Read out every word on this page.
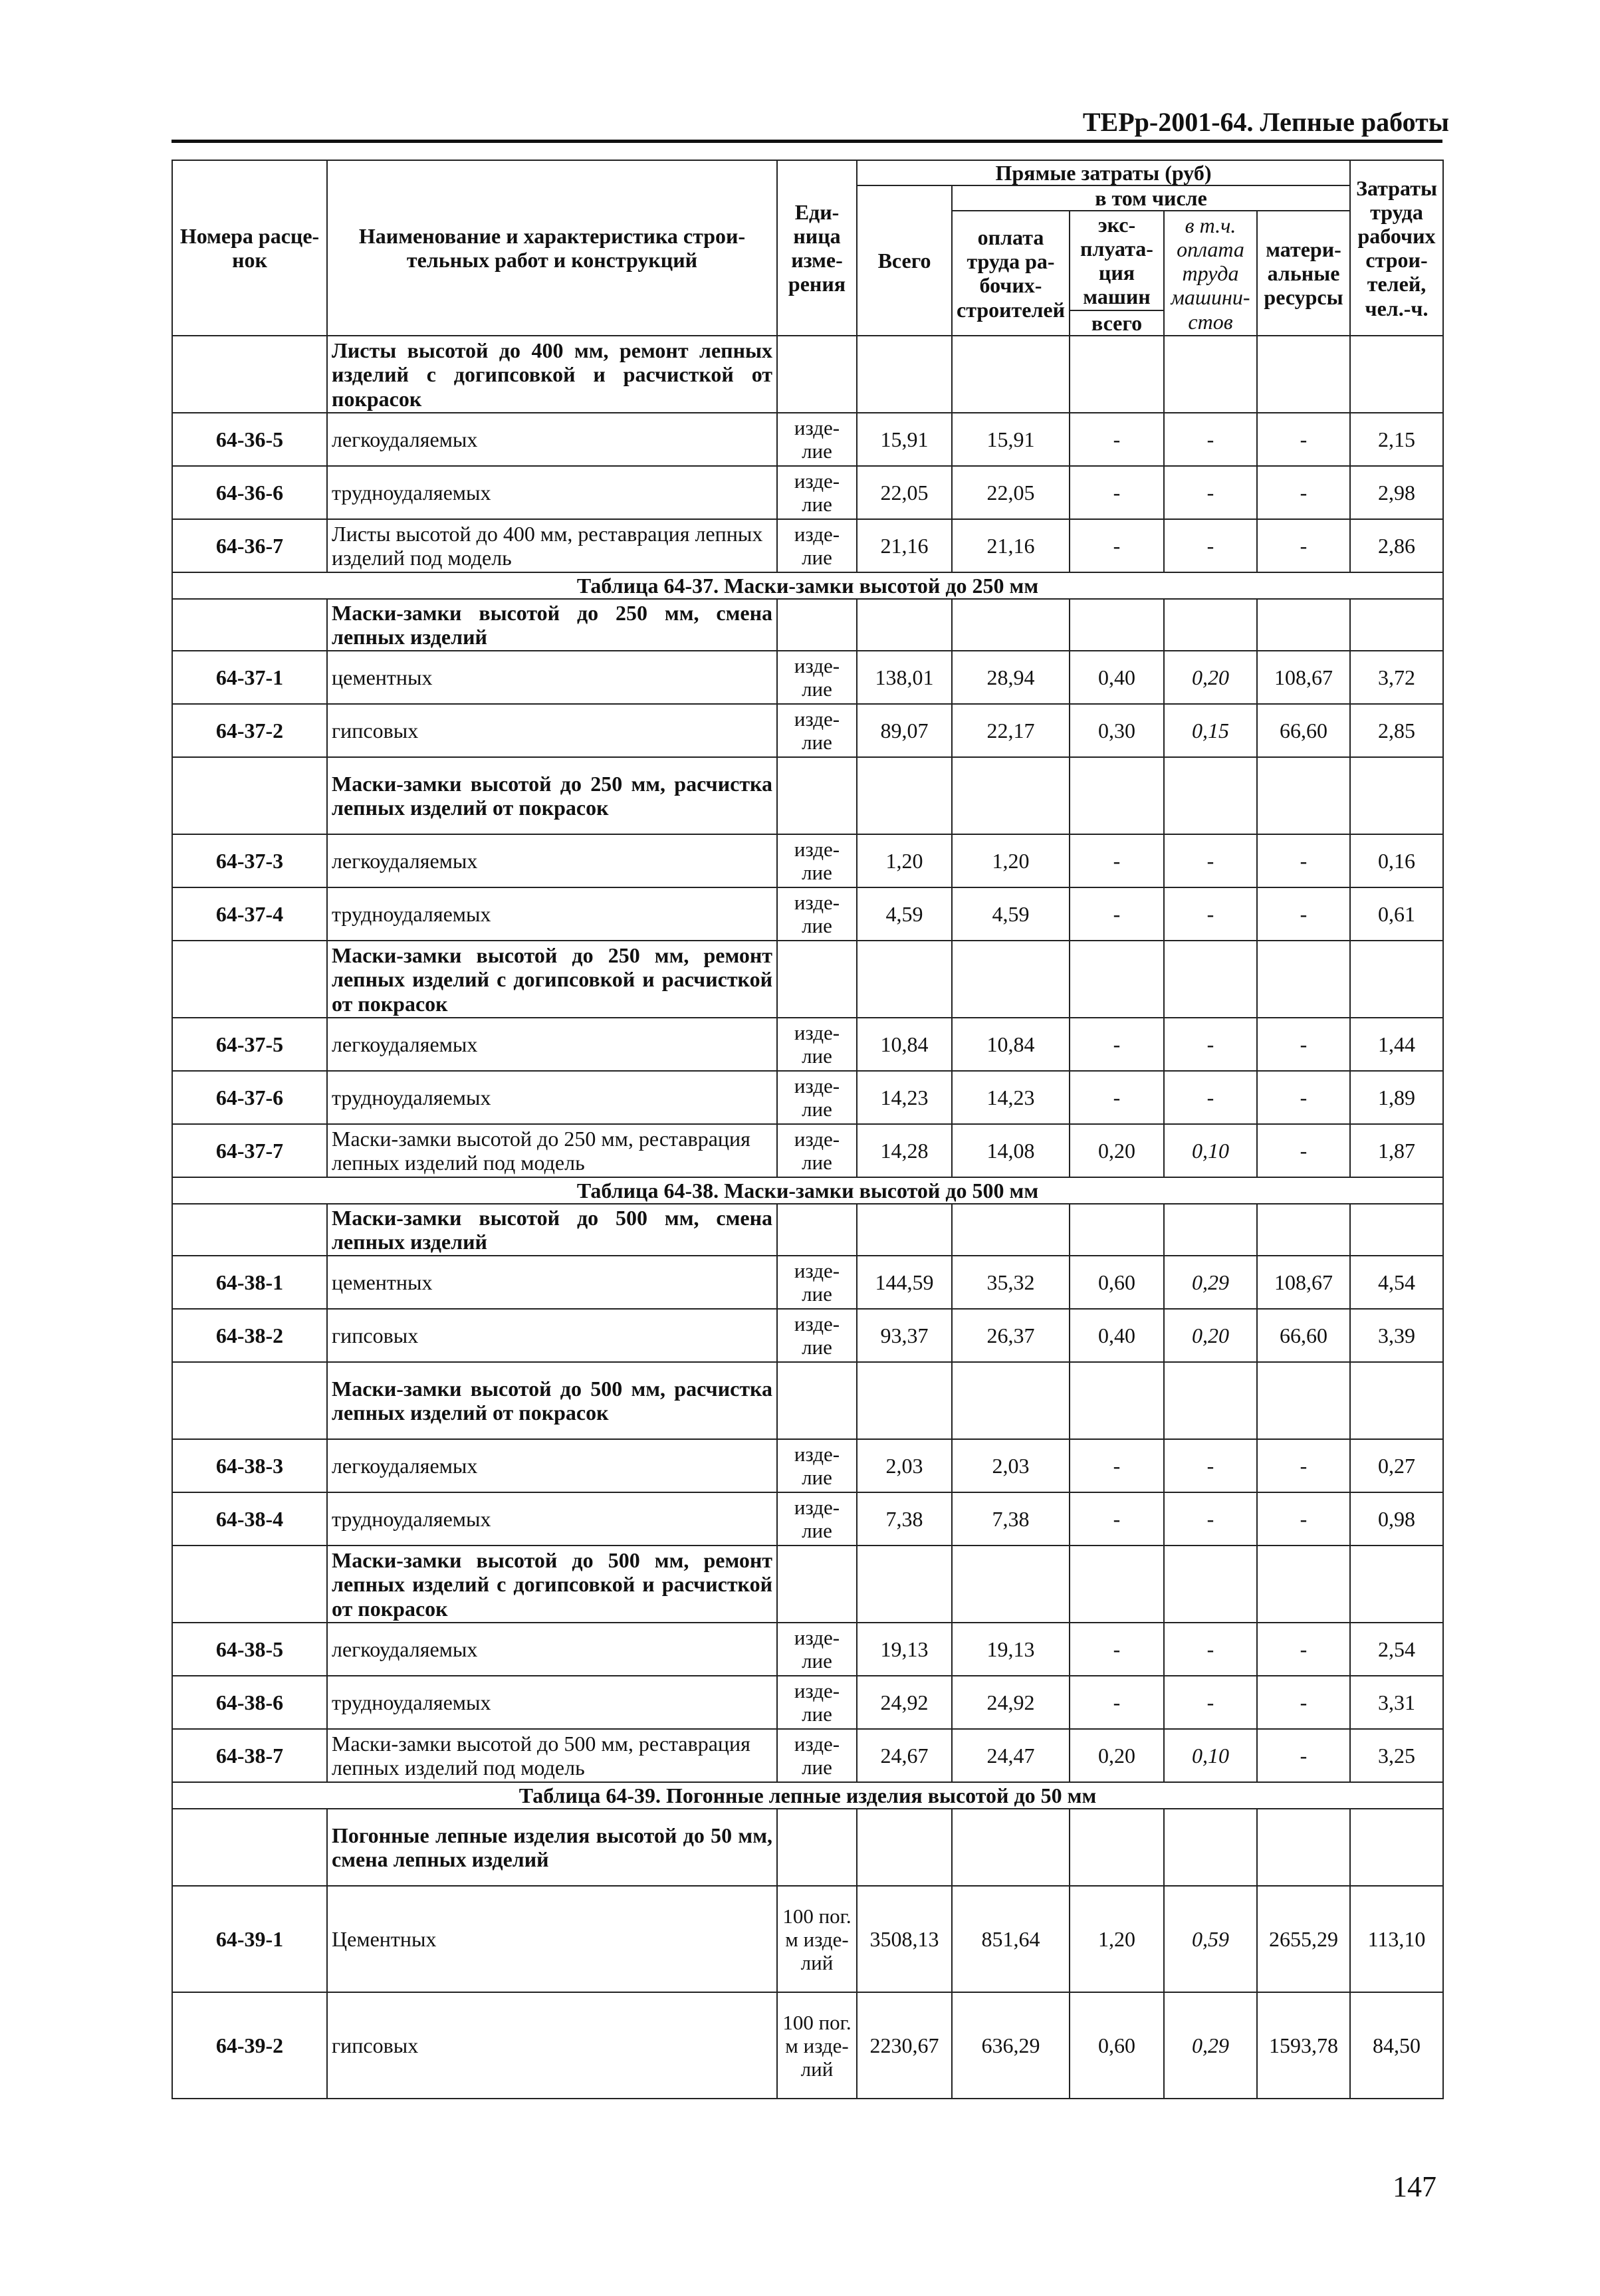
ТЕРр-2001-64. Лепные работы
Номера расце-нок	Наименование и характеристика строи-тельных работ и конструкций	Еди-ница изме-рения	Прямые затраты (руб)					Затраты труда рабочих строи-телей, чел.-ч.
			Всего	в том числе				
				оплата труда ра-бочих-строителей	экс-плуата-ция машин	в т.ч. оплата труда машини-стов	матери-альные ресурсы	
					всего			
	Листы высотой до 400 мм, ремонт лепных изделий с догипсовкой и расчисткой от покрасок							
64-36-5	легкоудаляемых	изде-лие	15,91	15,91	-	-	-	2,15
64-36-6	трудноудаляемых	изде-лие	22,05	22,05	-	-	-	2,98
64-36-7	Листы высотой до 400 мм, реставрация лепных изделий под модель	изде-лие	21,16	21,16	-	-	-	2,86
Таблица 64-37. Маски-замки высотой до 250 мм								
	Маски-замки высотой до 250 мм, смена лепных изделий							
64-37-1	цементных	изде-лие	138,01	28,94	0,40	0,20	108,67	3,72
64-37-2	гипсовых	изде-лие	89,07	22,17	0,30	0,15	66,60	2,85
	Маски-замки высотой до 250 мм, расчистка лепных изделий от покрасок							
64-37-3	легкоудаляемых	изде-лие	1,20	1,20	-	-	-	0,16
64-37-4	трудноудаляемых	изде-лие	4,59	4,59	-	-	-	0,61
	Маски-замки высотой до 250 мм, ремонт лепных изделий с догипсовкой и расчисткой от покрасок							
64-37-5	легкоудаляемых	изде-лие	10,84	10,84	-	-	-	1,44
64-37-6	трудноудаляемых	изде-лие	14,23	14,23	-	-	-	1,89
64-37-7	Маски-замки высотой до 250 мм, реставрация лепных изделий под модель	изде-лие	14,28	14,08	0,20	0,10	-	1,87
Таблица 64-38. Маски-замки высотой до 500 мм								
	Маски-замки высотой до 500 мм, смена лепных изделий							
64-38-1	цементных	изде-лие	144,59	35,32	0,60	0,29	108,67	4,54
64-38-2	гипсовых	изде-лие	93,37	26,37	0,40	0,20	66,60	3,39
	Маски-замки высотой до 500 мм, расчистка лепных изделий от покрасок							
64-38-3	легкоудаляемых	изде-лие	2,03	2,03	-	-	-	0,27
64-38-4	трудноудаляемых	изде-лие	7,38	7,38	-	-	-	0,98
	Маски-замки высотой до 500 мм, ремонт лепных изделий с догипсовкой и расчисткой от покрасок							
64-38-5	легкоудаляемых	изде-лие	19,13	19,13	-	-	-	2,54
64-38-6	трудноудаляемых	изде-лие	24,92	24,92	-	-	-	3,31
64-38-7	Маски-замки высотой до 500 мм, реставрация лепных изделий под модель	изде-лие	24,67	24,47	0,20	0,10	-	3,25
Таблица 64-39. Погонные лепные изделия высотой до 50 мм								
	Погонные лепные изделия высотой до 50 мм, смена лепных изделий							
64-39-1	Цементных	100 пог. м изде-лий	3508,13	851,64	1,20	0,59	2655,29	113,10
64-39-2	гипсовых	100 пог. м изде-лий	2230,67	636,29	0,60	0,29	1593,78	84,50
147
